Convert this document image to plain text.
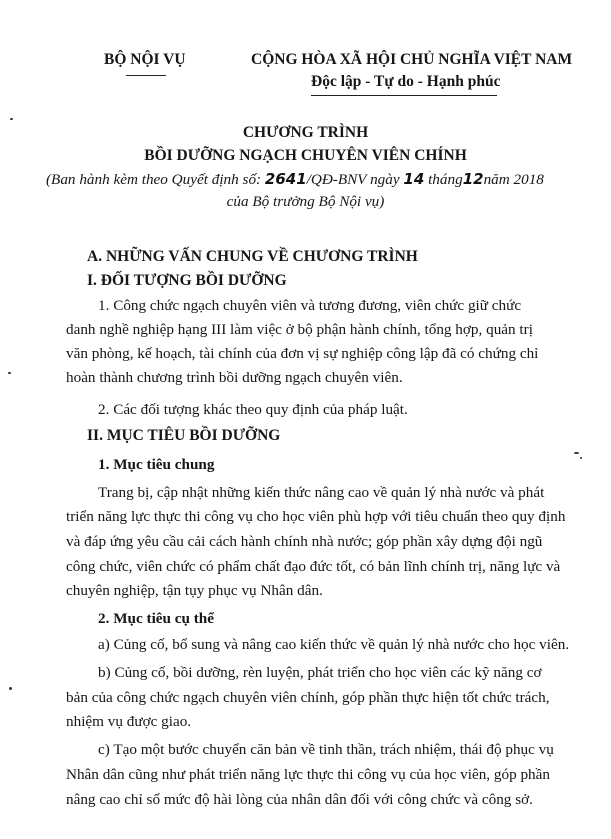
BỘ NỘI VỤ	CỘNG HÒA XÃ HỘI CHỦ NGHĨA VIỆT NAM
Độc lập - Tự do - Hạnh phúc
CHƯƠNG TRÌNH
BỒI DƯỠNG NGẠCH CHUYÊN VIÊN CHÍNH
(Ban hành kèm theo Quyết định số: 2641/QĐ-BNV ngày 14 tháng12năm 2018
của Bộ trưởng Bộ Nội vụ)
A. NHỮNG VẤN CHUNG VỀ CHƯƠNG TRÌNH
I. ĐỐI TƯỢNG BỒI DƯỠNG
1. Công chức ngạch chuyên viên và tương đương, viên chức giữ chức
danh nghề nghiệp hạng III làm việc ở bộ phận hành chính, tổng hợp, quản trị
văn phòng, kế hoạch, tài chính của đơn vị sự nghiệp công lập đã có chứng chỉ
hoàn thành chương trình bồi dưỡng ngạch chuyên viên.
2. Các đối tượng khác theo quy định của pháp luật.
II. MỤC TIÊU BỒI DƯỠNG
1. Mục tiêu chung
Trang bị, cập nhật những kiến thức nâng cao về quản lý nhà nước và phát
triển năng lực thực thi công vụ cho học viên phù hợp với tiêu chuẩn theo quy định
và đáp ứng yêu cầu cải cách hành chính nhà nước; góp phần xây dựng đội ngũ
công chức, viên chức có phẩm chất đạo đức tốt, có bản lĩnh chính trị, năng lực và
chuyên nghiệp, tận tụy phục vụ Nhân dân.
2. Mục tiêu cụ thể
a) Củng cố, bổ sung và nâng cao kiến thức về quản lý nhà nước cho học viên.
b) Củng cố, bồi dưỡng, rèn luyện, phát triển cho học viên các kỹ năng cơ
bản của công chức ngạch chuyên viên chính, góp phần thực hiện tốt chức trách,
nhiệm vụ được giao.
c) Tạo một bước chuyển căn bản về tinh thần, trách nhiệm, thái độ phục vụ
Nhân dân cũng như phát triển năng lực thực thi công vụ của học viên, góp phần
nâng cao chỉ số mức độ hài lòng của nhân dân đối với công chức và công sở.
